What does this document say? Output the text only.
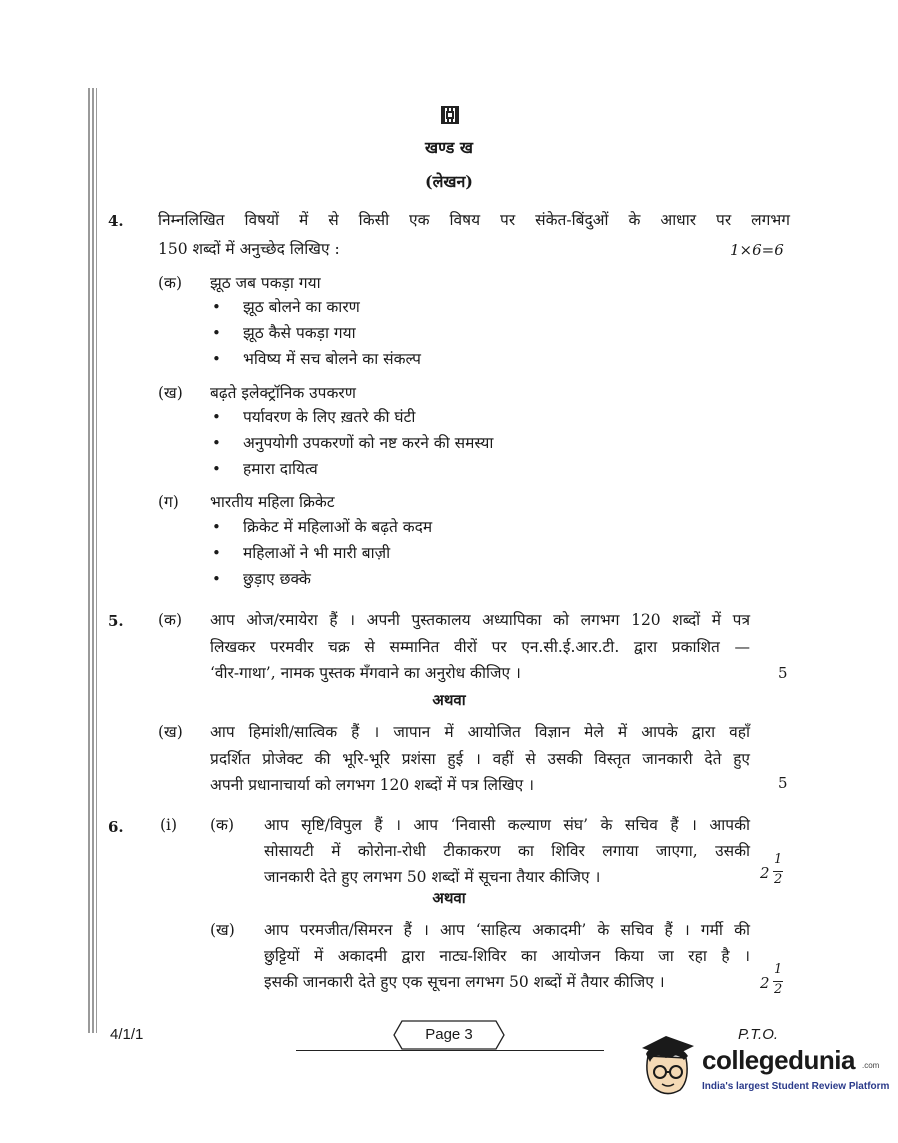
खण्ड ख
(लेखन)
4. निम्नलिखित विषयों में से किसी एक विषय पर संकेत-बिंदुओं के आधार पर लगभग
150 शब्दों में अनुच्छेद लिखिए :	1×6=6
(क) झूठ जब पकड़ा गया
• झूठ बोलने का कारण
• झूठ कैसे पकड़ा गया
• भविष्य में सच बोलने का संकल्प
(ख) बढ़ते इलेक्ट्रॉनिक उपकरण
• पर्यावरण के लिए ख़तरे की घंटी
• अनुपयोगी उपकरणों को नष्ट करने की समस्या
• हमारा दायित्व
(ग) भारतीय महिला क्रिकेट
• क्रिकेट में महिलाओं के बढ़ते कदम
• महिलाओं ने भी मारी बाज़ी
• छुड़ाए छक्के
5. (क) आप ओज/रमायेरा हैं । अपनी पुस्तकालय अध्यापिका को लगभग 120 शब्दों में पत्र
लिखकर परमवीर चक्र से सम्मानित वीरों पर एन.सी.ई.आर.टी. द्वारा प्रकाशित —
‘वीर-गाथा’, नामक पुस्तक मँगवाने का अनुरोध कीजिए ।	5
अथवा
(ख) आप हिमांशी/सात्विक हैं । जापान में आयोजित विज्ञान मेले में आपके द्वारा वहाँ
प्रदर्शित प्रोजेक्ट की भूरि-भूरि प्रशंसा हुई । वहीं से उसकी विस्तृत जानकारी देते हुए
अपनी प्रधानाचार्या को लगभग 120 शब्दों में पत्र लिखिए ।	5
6. (i) (क) आप सृष्टि/विपुल हैं । आप ‘निवासी कल्याण संघ’ के सचिव हैं । आपकी
सोसायटी में कोरोना-रोधी टीकाकरण का शिविर लगाया जाएगा, उसकी
जानकारी देते हुए लगभग 50 शब्दों में सूचना तैयार कीजिए ।	2
1
2
अथवा
(ख) आप परमजीत/सिमरन हैं । आप ‘साहित्य अकादमी’ के सचिव हैं । गर्मी की
छुट्टियों में अकादमी द्वारा नाट्य-शिविर का आयोजन किया जा रहा है ।
इसकी जानकारी देते हुए एक सूचना लगभग 50 शब्दों में तैयार कीजिए ।	2
1
2
4/1/1	Page 3	P.T.O.
collegedunia .com
India's largest Student Review Platform
